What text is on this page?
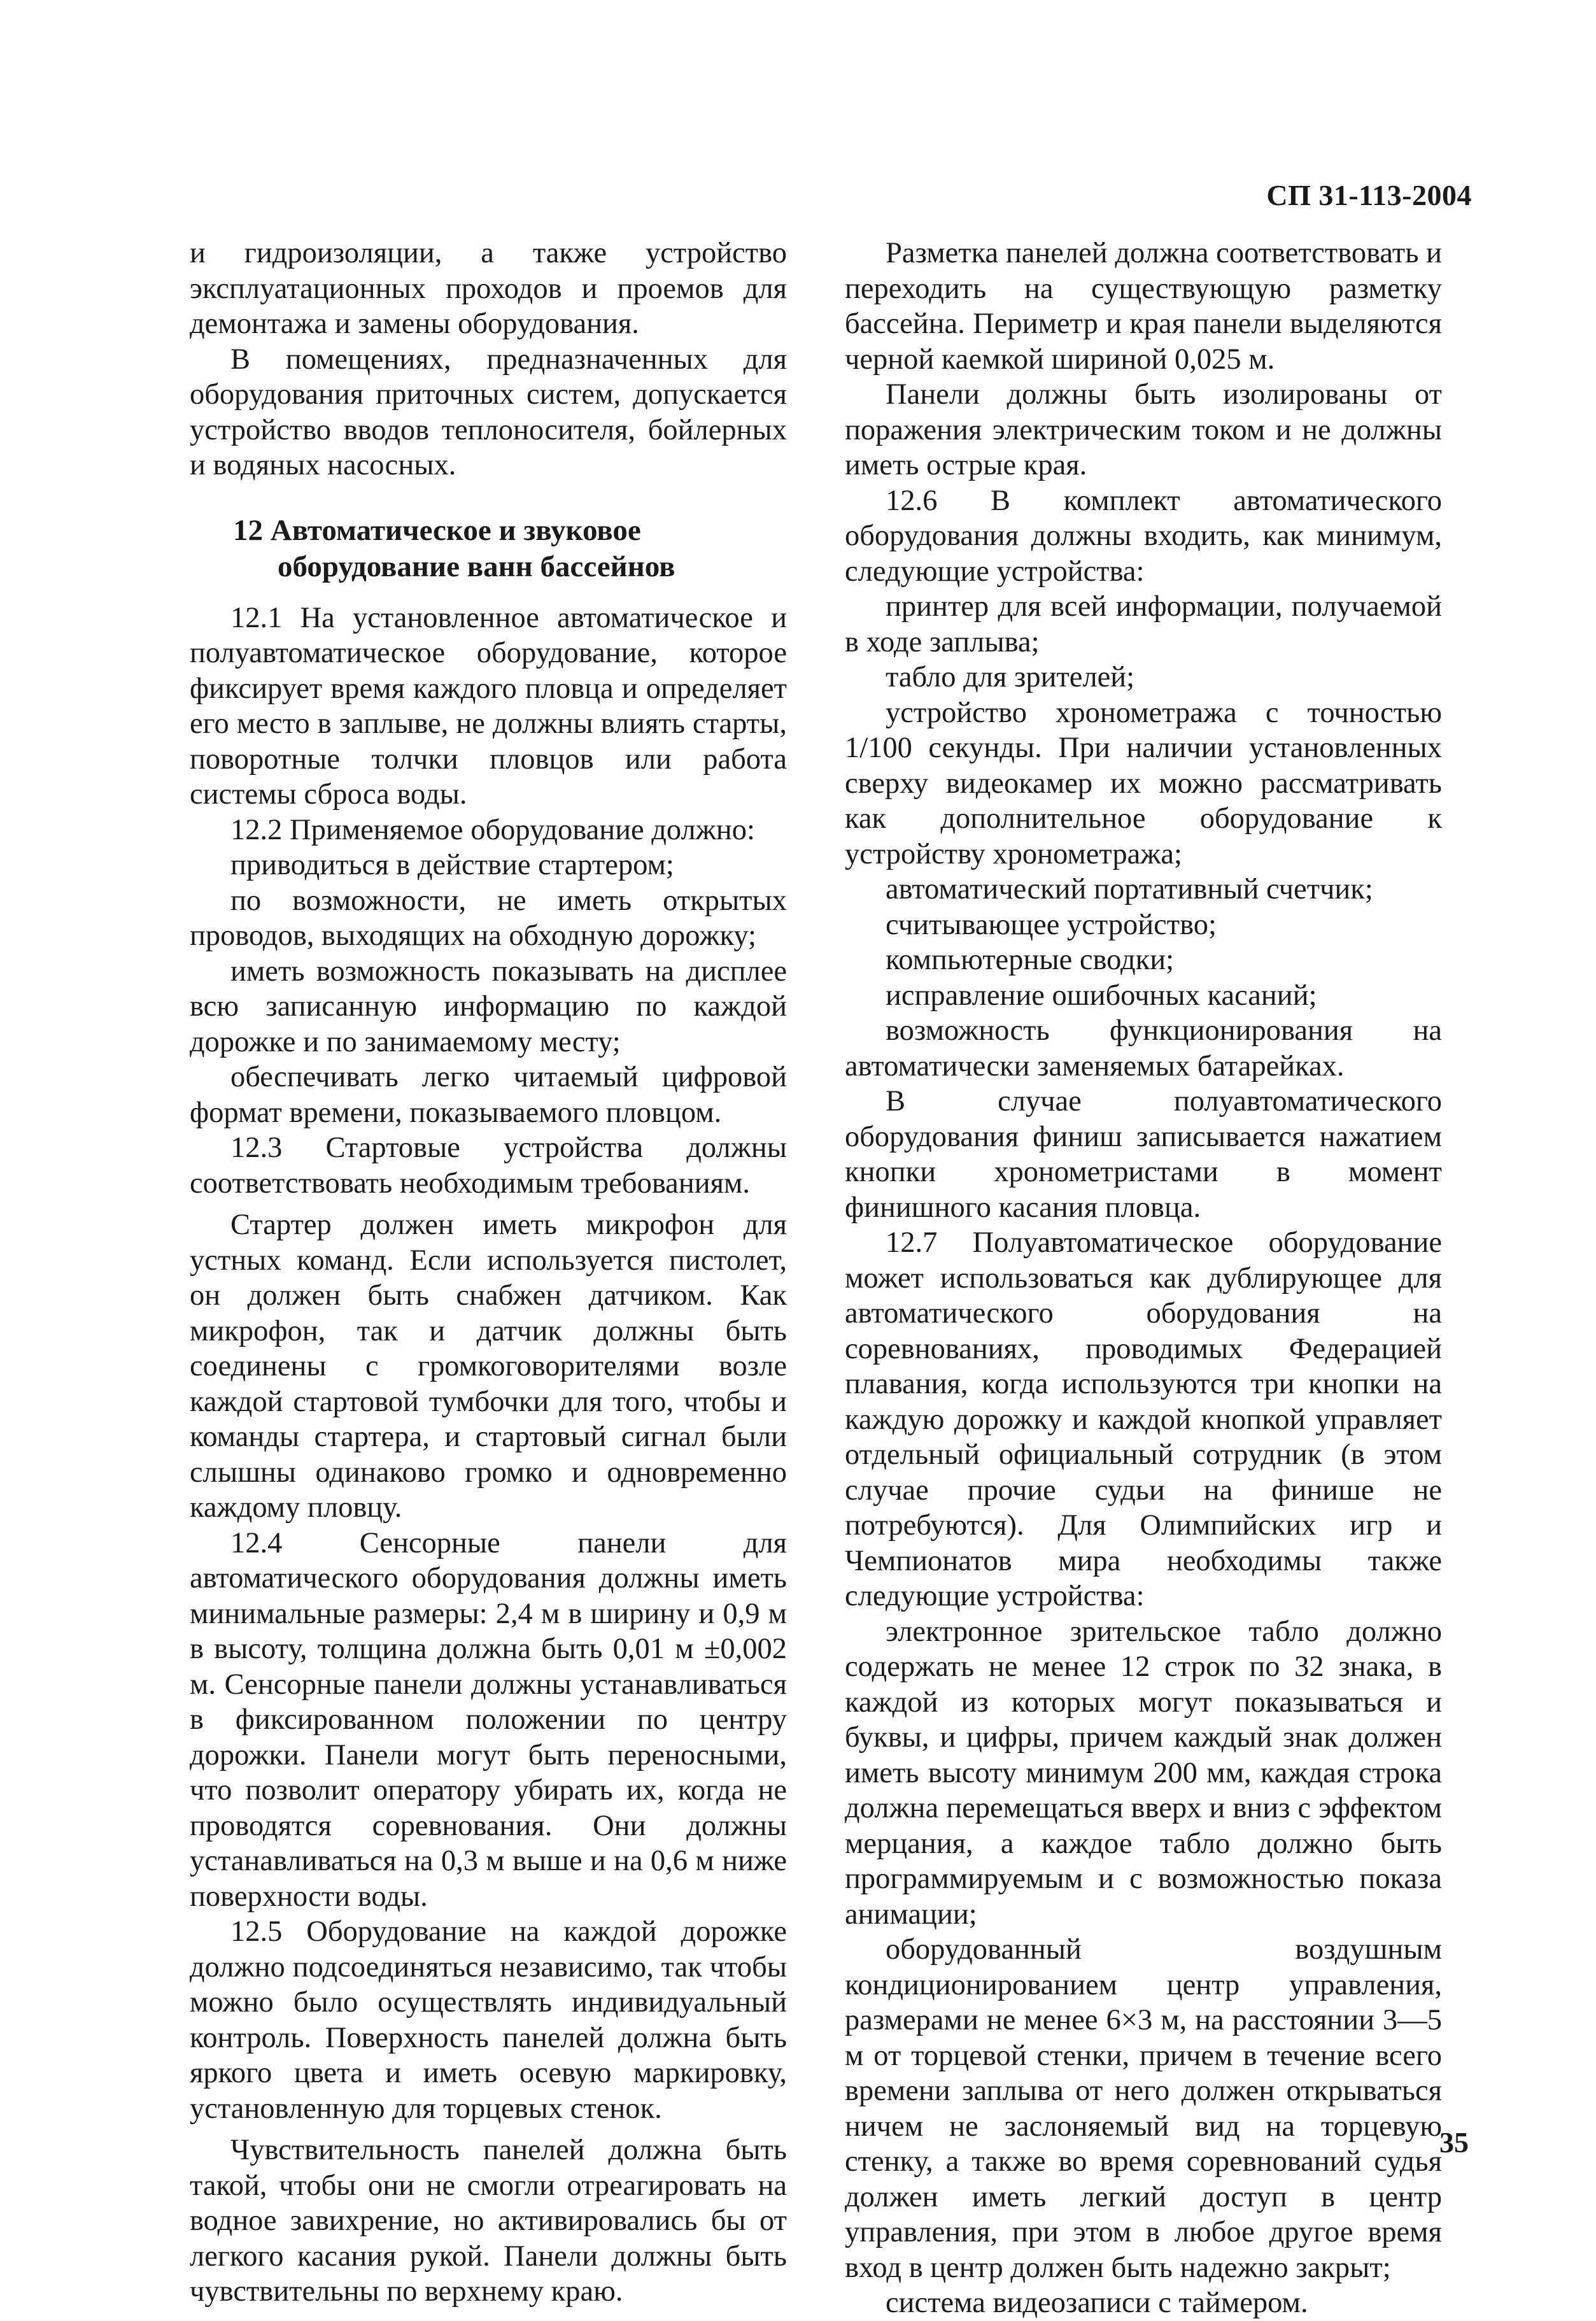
СП 31-113-2004

и гидроизоляции, а также устройство эксплуатационных проходов и проемов для демонтажа и замены оборудования.

В помещениях, предназначенных для оборудования приточных систем, допускается устройство вводов теплоносителя, бойлерных и водяных насосных.

12 Автоматическое и звуковое
оборудование ванн бассейнов

12.1 На установленное автоматическое и полуавтоматическое оборудование, которое фиксирует время каждого пловца и определяет его место в заплыве, не должны влиять старты, поворотные толчки пловцов или работа системы сброса воды.

12.2 Применяемое оборудование должно:

приводиться в действие стартером;

по возможности, не иметь открытых проводов, выходящих на обходную дорожку;

иметь возможность показывать на дисплее всю записанную информацию по каждой дорожке и по занимаемому месту;

обеспечивать легко читаемый цифровой формат времени, показываемого пловцом.

12.3 Стартовые устройства должны соответствовать необходимым требованиям.

Стартер должен иметь микрофон для устных команд. Если используется пистолет, он должен быть снабжен датчиком. Как микрофон, так и датчик должны быть соединены с громкоговорителями возле каждой стартовой тумбочки для того, чтобы и команды стартера, и стартовый сигнал были слышны одинаково громко и одновременно каждому пловцу.

12.4 Сенсорные панели для автоматического оборудования должны иметь минимальные размеры: 2,4 м в ширину и 0,9 м в высоту, толщина должна быть 0,01 м ±0,002 м. Сенсорные панели должны устанавливаться в фиксированном положении по центру дорожки. Панели могут быть переносными, что позволит оператору убирать их, когда не проводятся соревнования. Они должны устанавливаться на 0,3 м выше и на 0,6 м ниже поверхности воды.

12.5 Оборудование на каждой дорожке должно подсоединяться независимо, так чтобы можно было осуществлять индивидуальный контроль. Поверхность панелей должна быть яркого цвета и иметь осевую маркировку, установленную для торцевых стенок.

Чувствительность панелей должна быть такой, чтобы они не смогли отреагировать на водное завихрение, но активировались бы от легкого касания рукой. Панели должны быть чувствительны по верхнему краю.

Разметка панелей должна соответствовать и переходить на существующую разметку бассейна. Периметр и края панели выделяются черной каемкой шириной 0,025 м.

Панели должны быть изолированы от поражения электрическим током и не должны иметь острые края.

12.6 В комплект автоматического оборудования должны входить, как минимум, следующие устройства:

принтер для всей информации, получаемой в ходе заплыва;

табло для зрителей;

устройство хронометража с точностью 1/100 секунды. При наличии установленных сверху видеокамер их можно рассматривать как дополнительное оборудование к устройству хронометража;

автоматический портативный счетчик;

считывающее устройство;

компьютерные сводки;

исправление ошибочных касаний;

возможность функционирования на автоматически заменяемых батарейках.

В случае полуавтоматического оборудования финиш записывается нажатием кнопки хронометристами в момент финишного касания пловца.

12.7 Полуавтоматическое оборудование может использоваться как дублирующее для автоматического оборудования на соревнованиях, проводимых Федерацией плавания, когда используются три кнопки на каждую дорожку и каждой кнопкой управляет отдельный официальный сотрудник (в этом случае прочие судьи на финише не потребуются). Для Олимпийских игр и Чемпионатов мира необходимы также следующие устройства:

электронное зрительское табло должно содержать не менее 12 строк по 32 знака, в каждой из которых могут показываться и буквы, и цифры, причем каждый знак должен иметь высоту минимум 200 мм, каждая строка должна перемещаться вверх и вниз с эффектом мерцания, а каждое табло должно быть программируемым и с возможностью показа анимации;

оборудованный воздушным кондиционированием центр управления, размерами не менее 6×3 м, на расстоянии 3—5 м от торцевой стенки, причем в течение всего времени заплыва от него должен открываться ничем не заслоняемый вид на торцевую стенку, а также во время соревнований судья должен иметь легкий доступ в центр управления, при этом в любое другое время вход в центр должен быть надежно закрыт;

система видеозаписи с таймером.

35
